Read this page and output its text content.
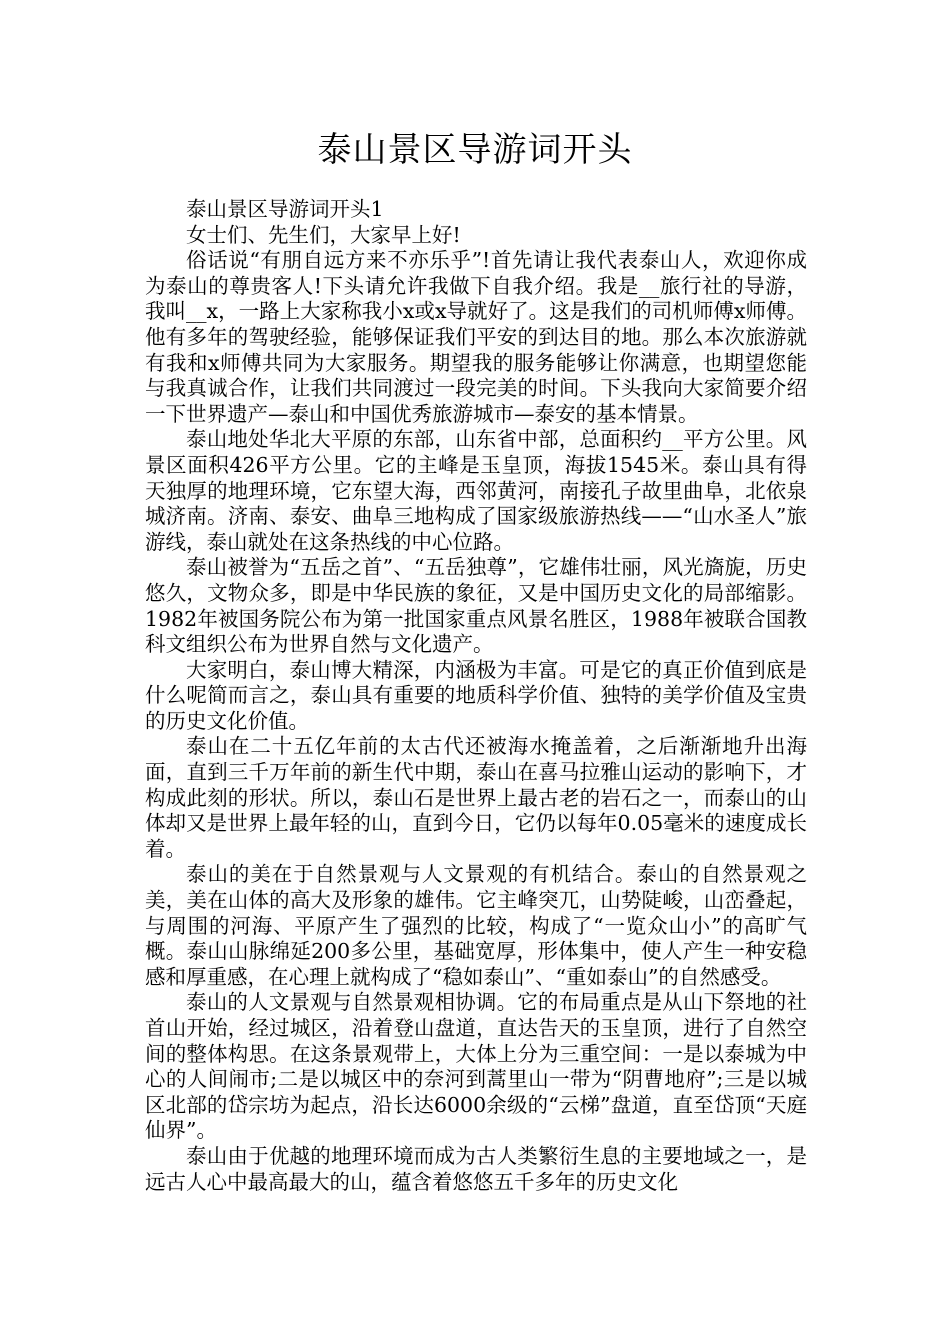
泰山景区导游词开头

泰山景区导游词开头1

女士们、先生们，大家早上好!

俗话说“有朋自远方来不亦乐乎”!首先请让我代表泰山人，欢迎你成为泰山的尊贵客人!下头请允许我做下自我介绍。我是__旅行社的导游，我叫__x，一路上大家称我小x或x导就好了。这是我们的司机师傅x师傅。他有多年的驾驶经验，能够保证我们平安的到达目的地。那么本次旅游就有我和x师傅共同为大家服务。期望我的服务能够让你满意，也期望您能与我真诚合作，让我们共同渡过一段完美的时间。下头我向大家简要介绍一下世界遗产—泰山和中国优秀旅游城市—泰安的基本情景。

泰山地处华北大平原的东部，山东省中部，总面积约__平方公里。风景区面积426平方公里。它的主峰是玉皇顶，海拔1545米。泰山具有得天独厚的地理环境，它东望大海，西邻黄河，南接孔子故里曲阜，北依泉城济南。济南、泰安、曲阜三地构成了国家级旅游热线——“山水圣人”旅游线，泰山就处在这条热线的中心位路。

泰山被誉为“五岳之首”、“五岳独尊”，它雄伟壮丽，风光旖旎，历史悠久，文物众多，即是中华民族的象征，又是中国历史文化的局部缩影。1982年被国务院公布为第一批国家重点风景名胜区，1988年被联合国教科文组织公布为世界自然与文化遗产。

大家明白，泰山博大精深，内涵极为丰富。可是它的真正价值到底是什么呢简而言之，泰山具有重要的地质科学价值、独特的美学价值及宝贵的历史文化价值。

泰山在二十五亿年前的太古代还被海水掩盖着，之后渐渐地升出海面，直到三千万年前的新生代中期，泰山在喜马拉雅山运动的影响下，才构成此刻的形状。所以，泰山石是世界上最古老的岩石之一，而泰山的山体却又是世界上最年轻的山，直到今日，它仍以每年0.05毫米的速度成长着。

泰山的美在于自然景观与人文景观的有机结合。泰山的自然景观之美，美在山体的高大及形象的雄伟。它主峰突兀，山势陡峻，山峦叠起，与周围的河海、平原产生了强烈的比较，构成了“一览众山小”的高旷气概。泰山山脉绵延200多公里，基础宽厚，形体集中，使人产生一种安稳感和厚重感，在心理上就构成了“稳如泰山”、“重如泰山”的自然感受。

泰山的人文景观与自然景观相协调。它的布局重点是从山下祭地的社首山开始，经过城区，沿着登山盘道，直达告天的玉皇顶，进行了自然空间的整体构思。在这条景观带上，大体上分为三重空间：一是以泰城为中心的人间闹市;二是以城区中的奈河到蒿里山一带为“阴曹地府”;三是以城区北部的岱宗坊为起点，沿长达6000余级的“云梯”盘道，直至岱顶“天庭仙界”。

泰山由于优越的地理环境而成为古人类繁衍生息的主要地域之一，是远古人心中最高最大的山，蕴含着悠悠五千多年的历史文化
